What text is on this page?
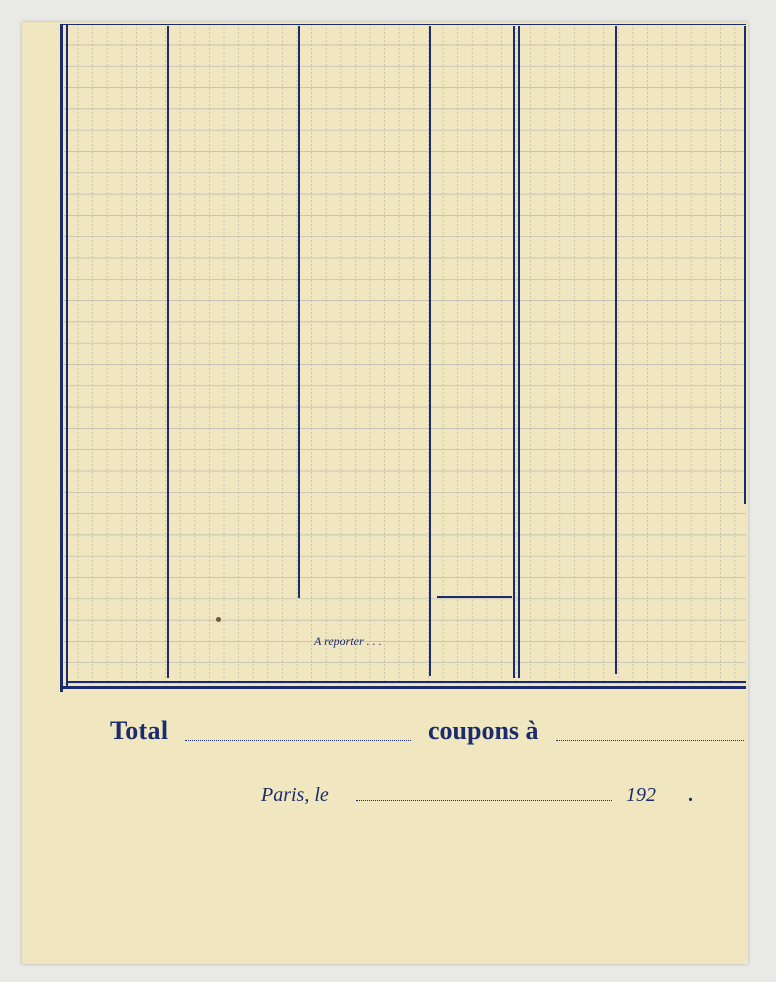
A reporter . . .
Total	coupons à
Paris, le	192 .
